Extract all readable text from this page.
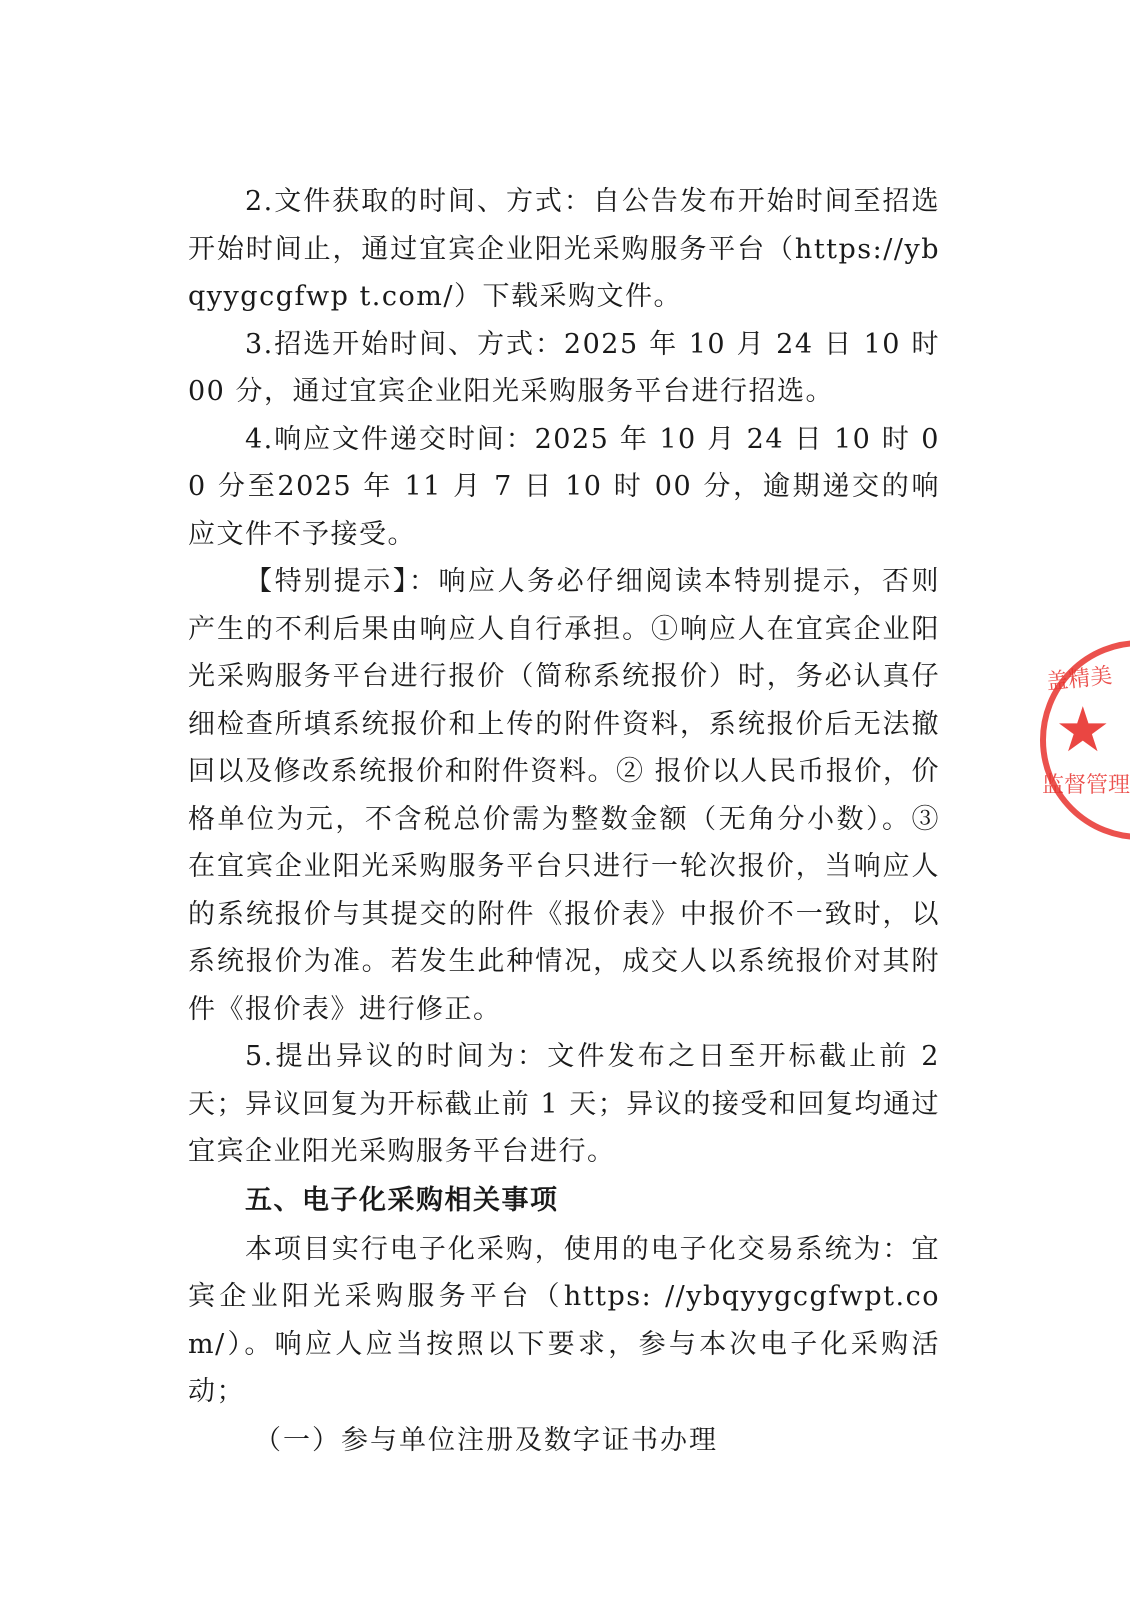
2.文件获取的时间、方式：自公告发布开始时间至招选开始时间止，通过宜宾企业阳光采购服务平台（https://ybqyygcgfwp t.com/）下载采购文件。

3.招选开始时间、方式：2025 年 10 月 24 日 10 时 00 分，通过宜宾企业阳光采购服务平台进行招选。

4.响应文件递交时间：2025 年 10 月 24 日 10 时 00 分至2025 年 11 月 7 日 10 时 00 分，逾期递交的响应文件不予接受。

【特别提示】：响应人务必仔细阅读本特别提示，否则产生的不利后果由响应人自行承担。①响应人在宜宾企业阳光采购服务平台进行报价（简称系统报价）时，务必认真仔细检查所填系统报价和上传的附件资料，系统报价后无法撤回以及修改系统报价和附件资料。② 报价以人民币报价，价格单位为元，不含税总价需为整数金额（无角分小数）。③在宜宾企业阳光采购服务平台只进行一轮次报价，当响应人的系统报价与其提交的附件《报价表》中报价不一致时，以系统报价为准。若发生此种情况，成交人以系统报价对其附件《报价表》进行修正。

5.提出异议的时间为：文件发布之日至开标截止前 2 天；异议回复为开标截止前 1 天；异议的接受和回复均通过宜宾企业阳光采购服务平台进行。

五、电子化采购相关事项

本项目实行电子化采购，使用的电子化交易系统为：宜宾企业阳光采购服务平台（https: //ybqyygcgfwpt.com/）。响应人应当按照以下要求，参与本次电子化采购活动；

（一）参与单位注册及数字证书办理

盖精美
★
监督管理
